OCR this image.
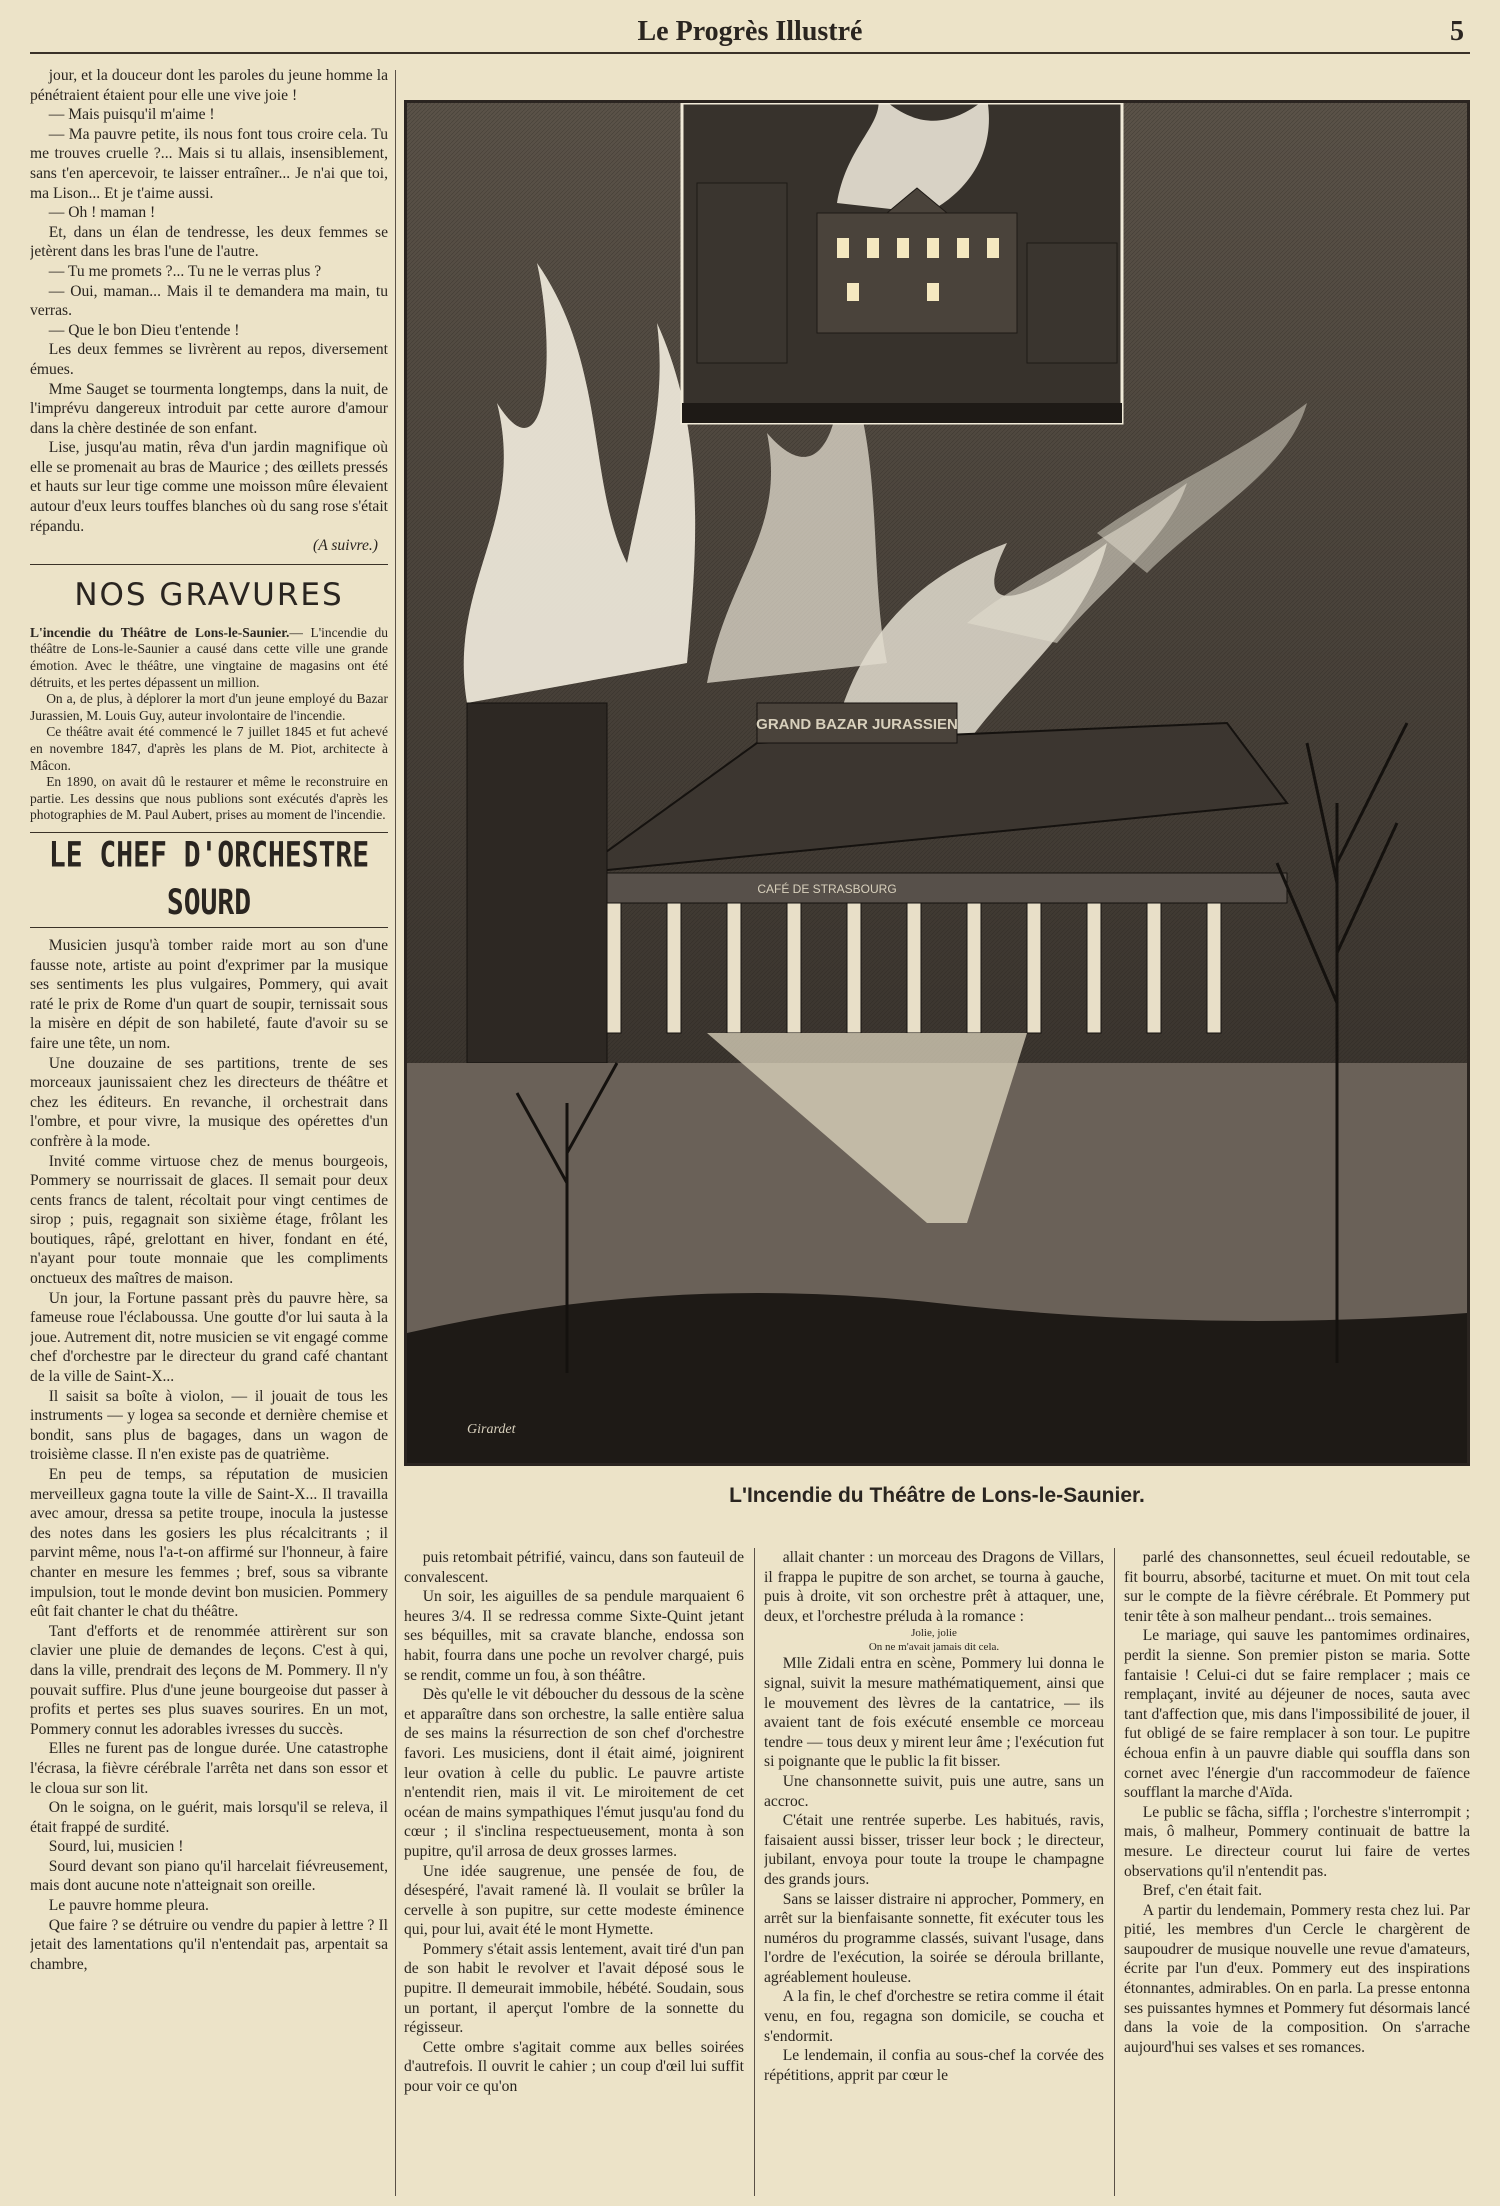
Le Progrès Illustré	5

jour, et la douceur dont les paroles du jeune homme la pénétraient étaient pour elle une vive joie !

— Mais puisqu'il m'aime !

— Ma pauvre petite, ils nous font tous croire cela. Tu me trouves cruelle ?... Mais si tu allais, insensiblement, sans t'en apercevoir, te laisser entraîner... Je n'ai que toi, ma Lison... Et je t'aime aussi.

— Oh ! maman !

Et, dans un élan de tendresse, les deux femmes se jetèrent dans les bras l'une de l'autre.

— Tu me promets ?... Tu ne le verras plus ?

— Oui, maman... Mais il te demandera ma main, tu verras.

— Que le bon Dieu t'entende !

Les deux femmes se livrèrent au repos, diversement émues.

Mme Sauget se tourmenta longtemps, dans la nuit, de l'imprévu dangereux introduit par cette aurore d'amour dans la chère destinée de son enfant.

Lise, jusqu'au matin, rêva d'un jardin magnifique où elle se promenait au bras de Maurice ; des œillets pressés et hauts sur leur tige comme une moisson mûre élevaient autour d'eux leurs touffes blanches où du sang rose s'était répandu.

(A suivre.)

NOS GRAVURES

L'incendie du Théâtre de Lons-le-Saunier.— L'incendie du théâtre de Lons-le-Saunier a causé dans cette ville une grande émotion. Avec le théâtre, une vingtaine de magasins ont été détruits, et les pertes dépassent un million.

On a, de plus, à déplorer la mort d'un jeune employé du Bazar Jurassien, M. Louis Guy, auteur involontaire de l'incendie.

Ce théâtre avait été commencé le 7 juillet 1845 et fut achevé en novembre 1847, d'après les plans de M. Piot, architecte à Mâcon.

En 1890, on avait dû le restaurer et même le reconstruire en partie. Les dessins que nous publions sont exécutés d'après les photographies de M. Paul Aubert, prises au moment de l'incendie.

LE CHEF D'ORCHESTRE SOURD

Musicien jusqu'à tomber raide mort au son d'une fausse note, artiste au point d'exprimer par la musique ses sentiments les plus vulgaires, Pommery, qui avait raté le prix de Rome d'un quart de soupir, ternissait sous la misère en dépit de son habileté, faute d'avoir su se faire une tête, un nom.

Une douzaine de ses partitions, trente de ses morceaux jaunissaient chez les directeurs de théâtre et chez les éditeurs. En revanche, il orchestrait dans l'ombre, et pour vivre, la musique des opérettes d'un confrère à la mode.

Invité comme virtuose chez de menus bourgeois, Pommery se nourrissait de glaces. Il semait pour deux cents francs de talent, récoltait pour vingt centimes de sirop ; puis, regagnait son sixième étage, frôlant les boutiques, râpé, grelottant en hiver, fondant en été, n'ayant pour toute monnaie que les compliments onctueux des maîtres de maison.

Un jour, la Fortune passant près du pauvre hère, sa fameuse roue l'éclaboussa. Une goutte d'or lui sauta à la joue. Autrement dit, notre musicien se vit engagé comme chef d'orchestre par le directeur du grand café chantant de la ville de Saint-X...

Il saisit sa boîte à violon, — il jouait de tous les instruments — y logea sa seconde et dernière chemise et bondit, sans plus de bagages, dans un wagon de troisième classe. Il n'en existe pas de quatrième.

En peu de temps, sa réputation de musicien merveilleux gagna toute la ville de Saint-X... Il travailla avec amour, dressa sa petite troupe, inocula la justesse des notes dans les gosiers les plus récalcitrants ; il parvint même, nous l'a-t-on affirmé sur l'honneur, à faire chanter en mesure les femmes ; bref, sous sa vibrante impulsion, tout le monde devint bon musicien. Pommery eût fait chanter le chat du théâtre.

Tant d'efforts et de renommée attirèrent sur son clavier une pluie de demandes de leçons. C'est à qui, dans la ville, prendrait des leçons de M. Pommery. Il n'y pouvait suffire. Plus d'une jeune bourgeoise dut passer à profits et pertes ses plus suaves sourires. En un mot, Pommery connut les adorables ivresses du succès.

Elles ne furent pas de longue durée. Une catastrophe l'écrasa, la fièvre cérébrale l'arrêta net dans son essor et le cloua sur son lit.

On le soigna, on le guérit, mais lorsqu'il se releva, il était frappé de surdité.

Sourd, lui, musicien !

Sourd devant son piano qu'il harcelait fiévreusement, mais dont aucune note n'atteignait son oreille.

Le pauvre homme pleura.

Que faire ? se détruire ou vendre du papier à lettre ? Il jetait des lamentations qu'il n'entendait pas, arpentait sa chambre,

GRAND BAZAR JURASSIEN
CAFÉ DE STRASBOURG
Girardet
L'Incendie du Théâtre de Lons-le-Saunier.

puis retombait pétrifié, vaincu, dans son fauteuil de convalescent.

Un soir, les aiguilles de sa pendule marquaient 6 heures 3/4. Il se redressa comme Sixte-Quint jetant ses béquilles, mit sa cravate blanche, endossa son habit, fourra dans une poche un revolver chargé, puis se rendit, comme un fou, à son théâtre.

Dès qu'elle le vit déboucher du dessous de la scène et apparaître dans son orchestre, la salle entière salua de ses mains la résurrection de son chef d'orchestre favori. Les musiciens, dont il était aimé, joignirent leur ovation à celle du public. Le pauvre artiste n'entendit rien, mais il vit. Le miroitement de cet océan de mains sympathiques l'émut jusqu'au fond du cœur ; il s'inclina respectueusement, monta à son pupitre, qu'il arrosa de deux grosses larmes.

Une idée saugrenue, une pensée de fou, de désespéré, l'avait ramené là. Il voulait se brûler la cervelle à son pupitre, sur cette modeste éminence qui, pour lui, avait été le mont Hymette.

Pommery s'était assis lentement, avait tiré d'un pan de son habit le revolver et l'avait déposé sous le pupitre. Il demeurait immobile, hébété. Soudain, sous un portant, il aperçut l'ombre de la sonnette du régisseur.

Cette ombre s'agitait comme aux belles soirées d'autrefois. Il ouvrit le cahier ; un coup d'œil lui suffit pour voir ce qu'on

allait chanter : un morceau des Dragons de Villars, il frappa le pupitre de son archet, se tourna à gauche, puis à droite, vit son orchestre prêt à attaquer, une, deux, et l'orchestre préluda à la romance :

Jolie, jolie

On ne m'avait jamais dit cela.

Mlle Zidali entra en scène, Pommery lui donna le signal, suivit la mesure mathématiquement, ainsi que le mouvement des lèvres de la cantatrice, — ils avaient tant de fois exécuté ensemble ce morceau tendre — tous deux y mirent leur âme ; l'exécution fut si poignante que le public la fit bisser.

Une chansonnette suivit, puis une autre, sans un accroc.

C'était une rentrée superbe. Les habitués, ravis, faisaient aussi bisser, trisser leur bock ; le directeur, jubilant, envoya pour toute la troupe le champagne des grands jours.

Sans se laisser distraire ni approcher, Pommery, en arrêt sur la bienfaisante sonnette, fit exécuter tous les numéros du programme classés, suivant l'usage, dans l'ordre de l'exécution, la soirée se déroula brillante, agréablement houleuse.

A la fin, le chef d'orchestre se retira comme il était venu, en fou, regagna son domicile, se coucha et s'endormit.

Le lendemain, il confia au sous-chef la corvée des répétitions, apprit par cœur le

parlé des chansonnettes, seul écueil redoutable, se fit bourru, absorbé, taciturne et muet. On mit tout cela sur le compte de la fièvre cérébrale. Et Pommery put tenir tête à son malheur pendant... trois semaines.

Le mariage, qui sauve les pantomimes ordinaires, perdit la sienne. Son premier piston se maria. Sotte fantaisie ! Celui-ci dut se faire remplacer ; mais ce remplaçant, invité au déjeuner de noces, sauta avec tant d'affection que, mis dans l'impossibilité de jouer, il fut obligé de se faire remplacer à son tour. Le pupitre échoua enfin à un pauvre diable qui souffla dans son cornet avec l'énergie d'un raccommodeur de faïence soufflant la marche d'Aïda.

Le public se fâcha, siffla ; l'orchestre s'interrompit ; mais, ô malheur, Pommery continuait de battre la mesure. Le directeur courut lui faire de vertes observations qu'il n'entendit pas.

Bref, c'en était fait.

A partir du lendemain, Pommery resta chez lui. Par pitié, les membres d'un Cercle le chargèrent de saupoudrer de musique nouvelle une revue d'amateurs, écrite par l'un d'eux. Pommery eut des inspirations étonnantes, admirables. On en parla. La presse entonna ses puissantes hymnes et Pommery fut désormais lancé dans la voie de la composition. On s'arrache aujourd'hui ses valses et ses romances.
